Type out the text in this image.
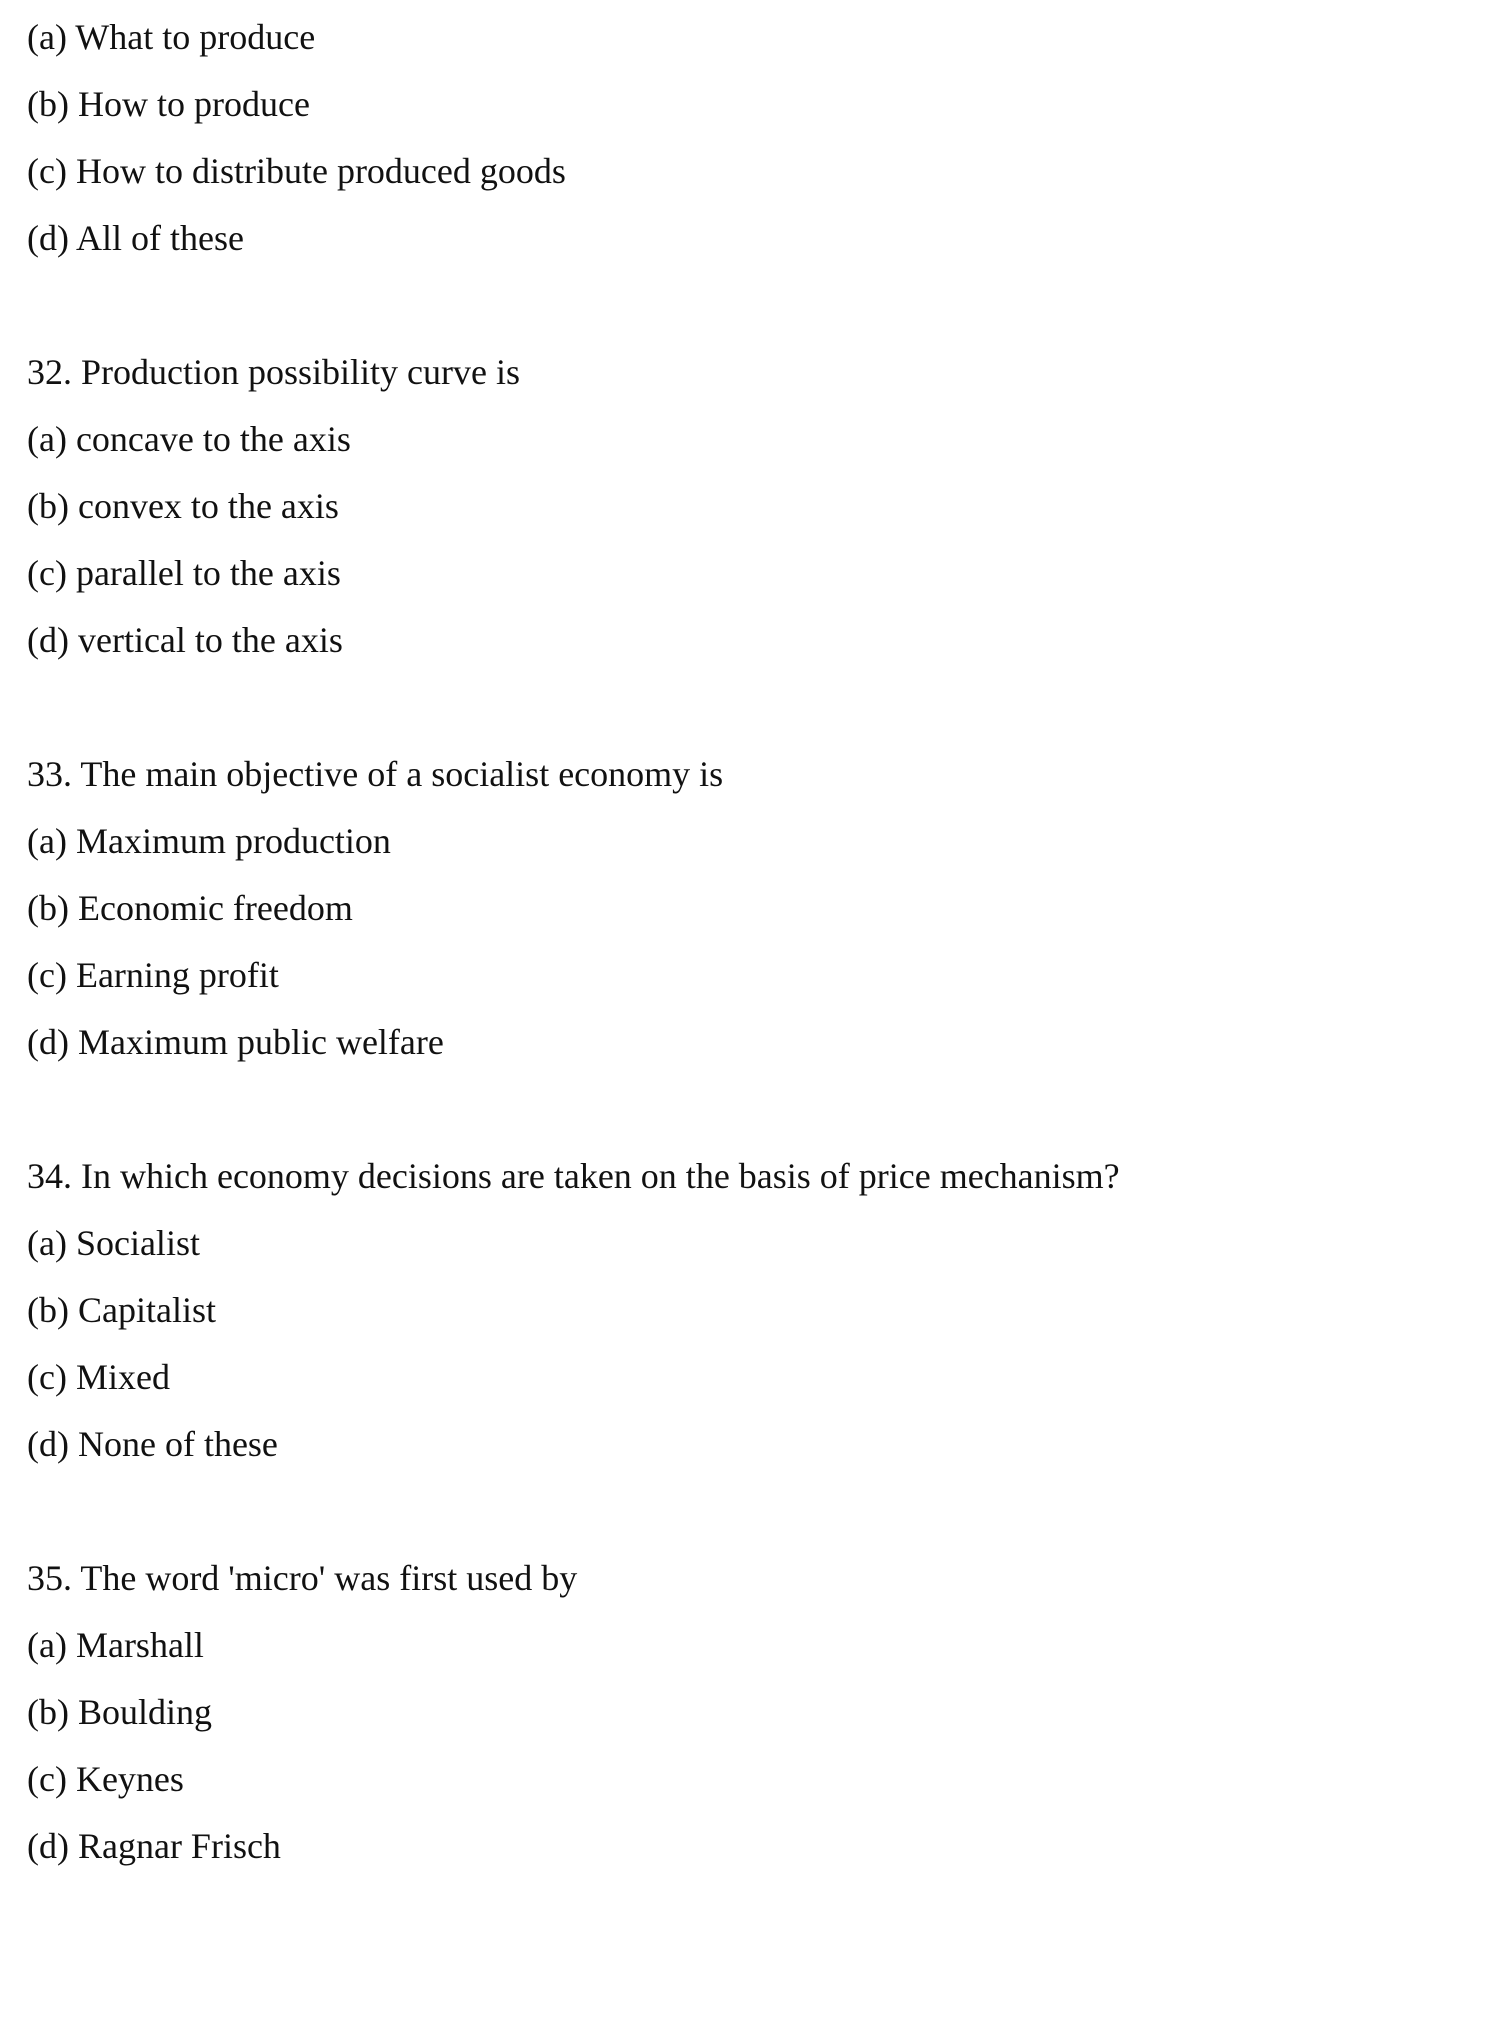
(a) What to produce
(b) How to produce
(c) How to distribute produced goods
(d) All of these
32. Production possibility curve is
(a) concave to the axis
(b) convex to the axis
(c) parallel to the axis
(d) vertical to the axis
33. The main objective of a socialist economy is
(a) Maximum production
(b) Economic freedom
(c) Earning profit
(d) Maximum public welfare
34. In which economy decisions are taken on the basis of price mechanism?
(a) Socialist
(b) Capitalist
(c) Mixed
(d) None of these
35. The word 'micro' was first used by
(a) Marshall
(b) Boulding
(c) Keynes
(d) Ragnar Frisch
